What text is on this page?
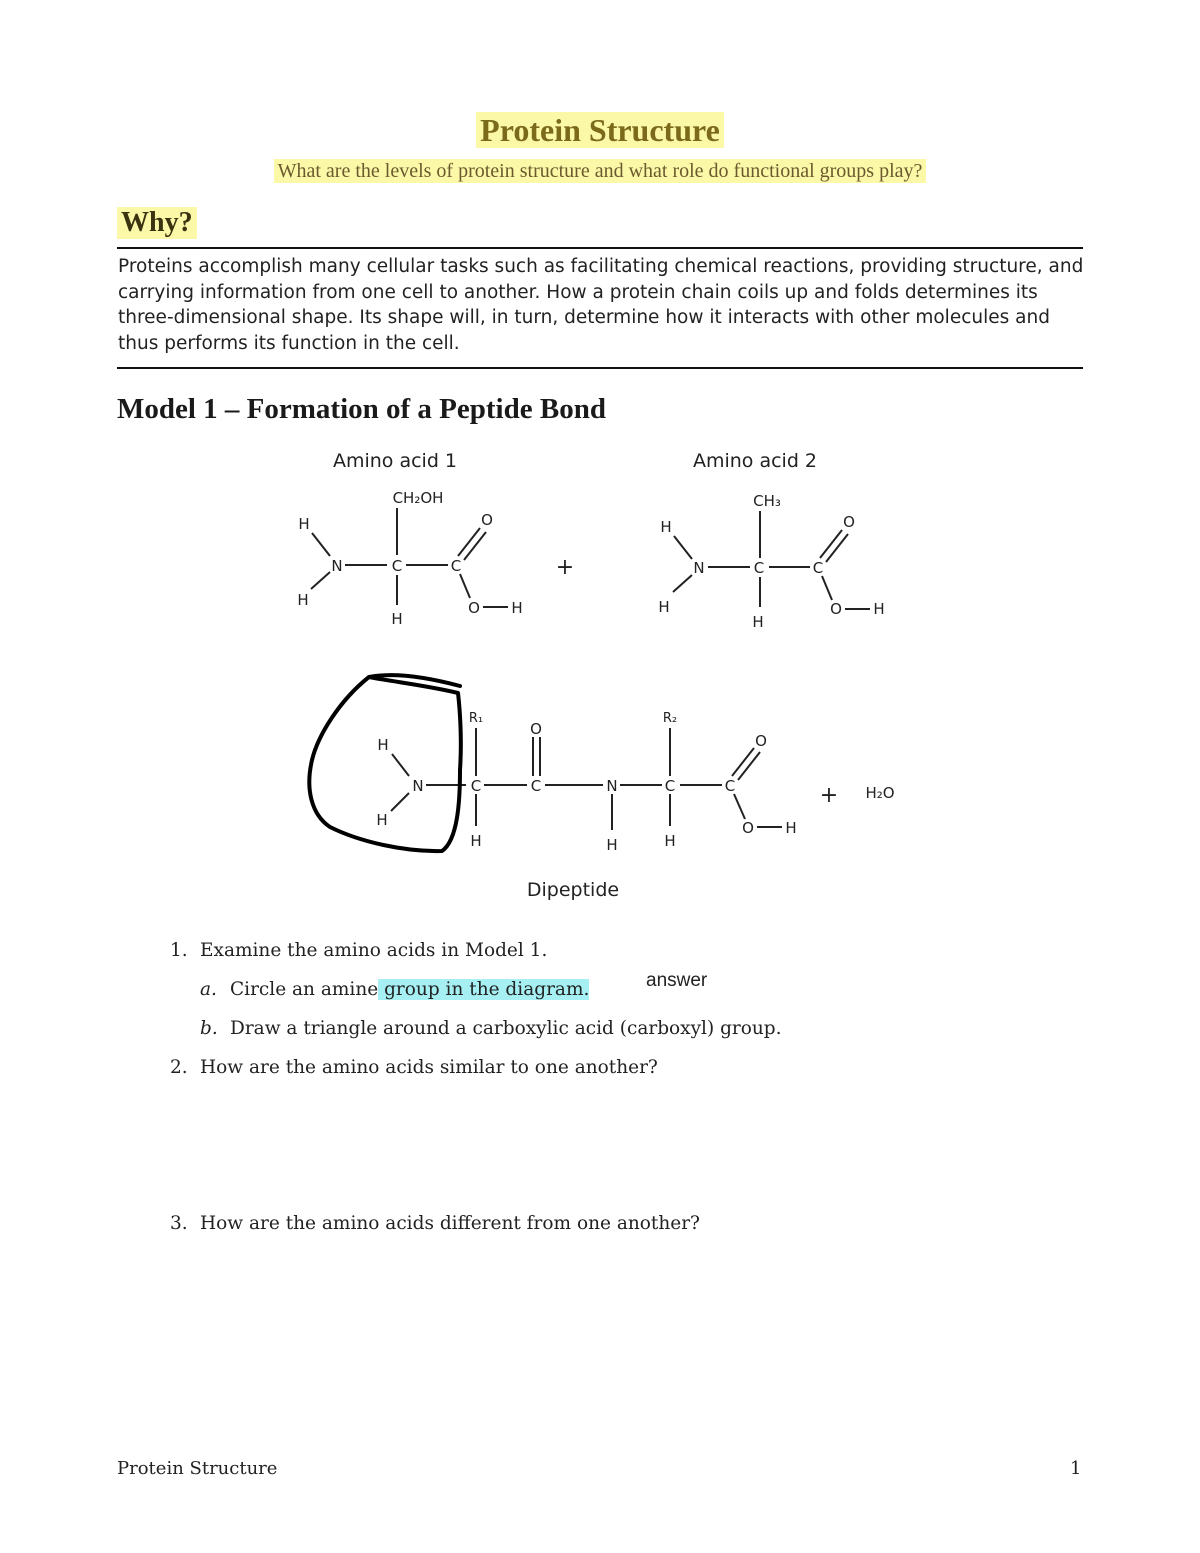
Protein Structure
What are the levels of protein structure and what role do functional groups play?
Why?
Proteins accomplish many cellular tasks such as facilitating chemical reactions, providing structure, and carrying information from one cell to another. How a protein chain coils up and folds determines its three-dimensional shape. Its shape will, in turn, determine how it interacts with other molecules and thus performs its function in the cell.
Model 1 – Formation of a Peptide Bond
Amino acid 1
CH₂OH
H
N
H
C
H
C
O
O H
+
Amino acid 2
CH₃
H
N
H
C
H
C
O
O H
H
N
H
R₁
C
H
O
C	N
H
R₂
C
H
C
O
O H
+ H₂O
Dipeptide
1. Examine the amino acids in Model 1.
a. Circle an amine group in the diagram.
b. Draw a triangle around a carboxylic acid (carboxyl) group.
2. How are the amino acids similar to one another?
3. How are the amino acids different from one another?
answer
Protein Structure	1
